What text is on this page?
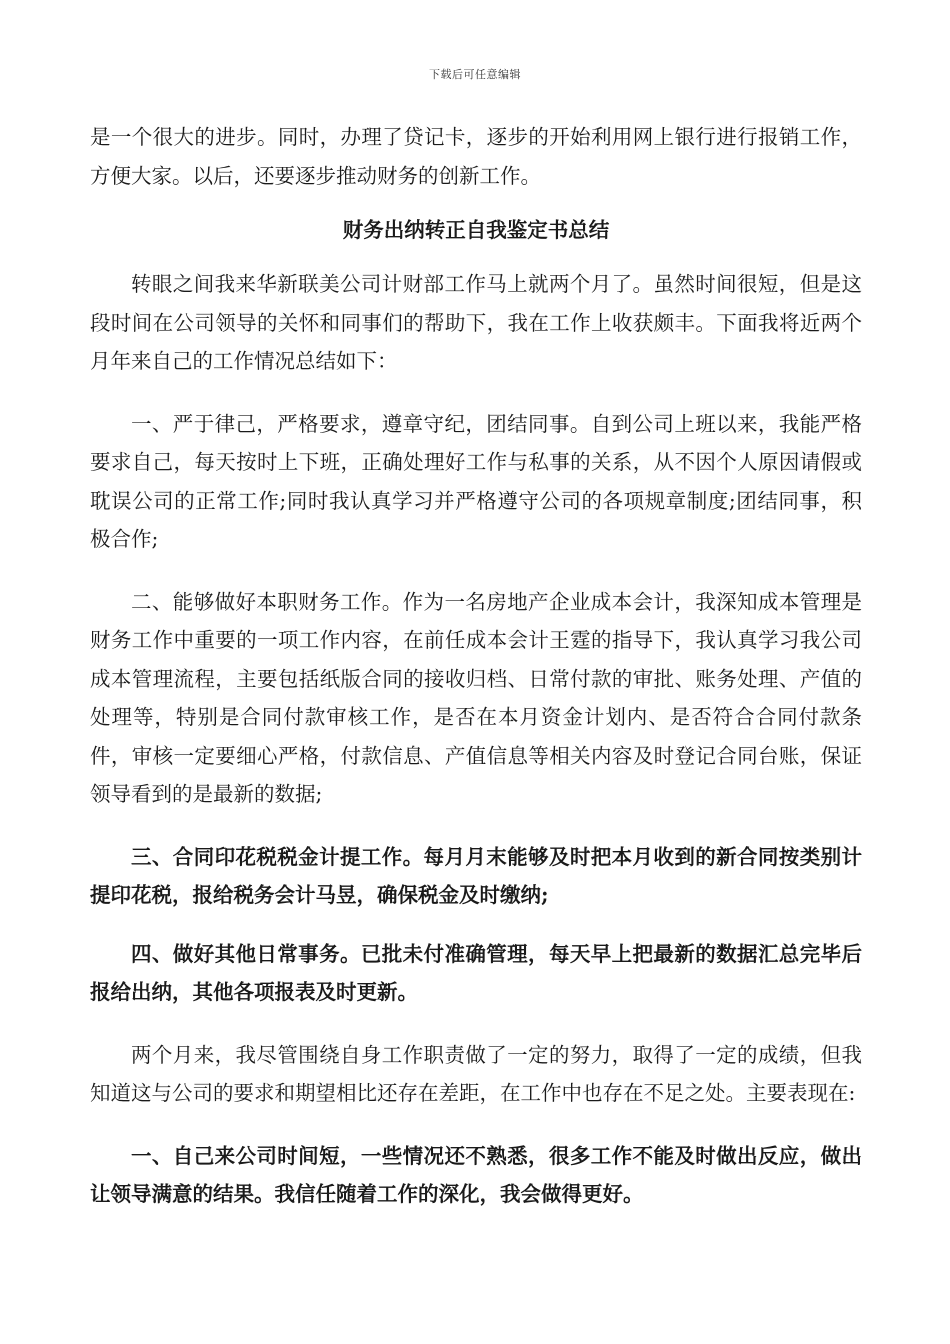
下载后可任意编辑

是一个很大的进步。同时，办理了贷记卡，逐步的开始利用网上银行进行报销工作，方便大家。以后，还要逐步推动财务的创新工作。

财务出纳转正自我鉴定书总结

转眼之间我来华新联美公司计财部工作马上就两个月了。虽然时间很短，但是这段时间在公司领导的关怀和同事们的帮助下，我在工作上收获颇丰。下面我将近两个月年来自己的工作情况总结如下：

一、严于律己，严格要求，遵章守纪，团结同事。自到公司上班以来，我能严格要求自己，每天按时上下班，正确处理好工作与私事的关系，从不因个人原因请假或耽误公司的正常工作;同时我认真学习并严格遵守公司的各项规章制度;团结同事，积极合作;

二、能够做好本职财务工作。作为一名房地产企业成本会计，我深知成本管理是财务工作中重要的一项工作内容，在前任成本会计王霆的指导下，我认真学习我公司成本管理流程，主要包括纸版合同的接收归档、日常付款的审批、账务处理、产值的处理等，特别是合同付款审核工作，是否在本月资金计划内、是否符合合同付款条件，审核一定要细心严格，付款信息、产值信息等相关内容及时登记合同台账，保证领导看到的是最新的数据;

三、合同印花税税金计提工作。每月月末能够及时把本月收到的新合同按类别计提印花税，报给税务会计马昱，确保税金及时缴纳;

四、做好其他日常事务。已批未付准确管理，每天早上把最新的数据汇总完毕后报给出纳，其他各项报表及时更新。

两个月来，我尽管围绕自身工作职责做了一定的努力，取得了一定的成绩，但我知道这与公司的要求和期望相比还存在差距，在工作中也存在不足之处。主要表现在:

一、自己来公司时间短，一些情况还不熟悉，很多工作不能及时做出反应，做出让领导满意的结果。我信任随着工作的深化，我会做得更好。
